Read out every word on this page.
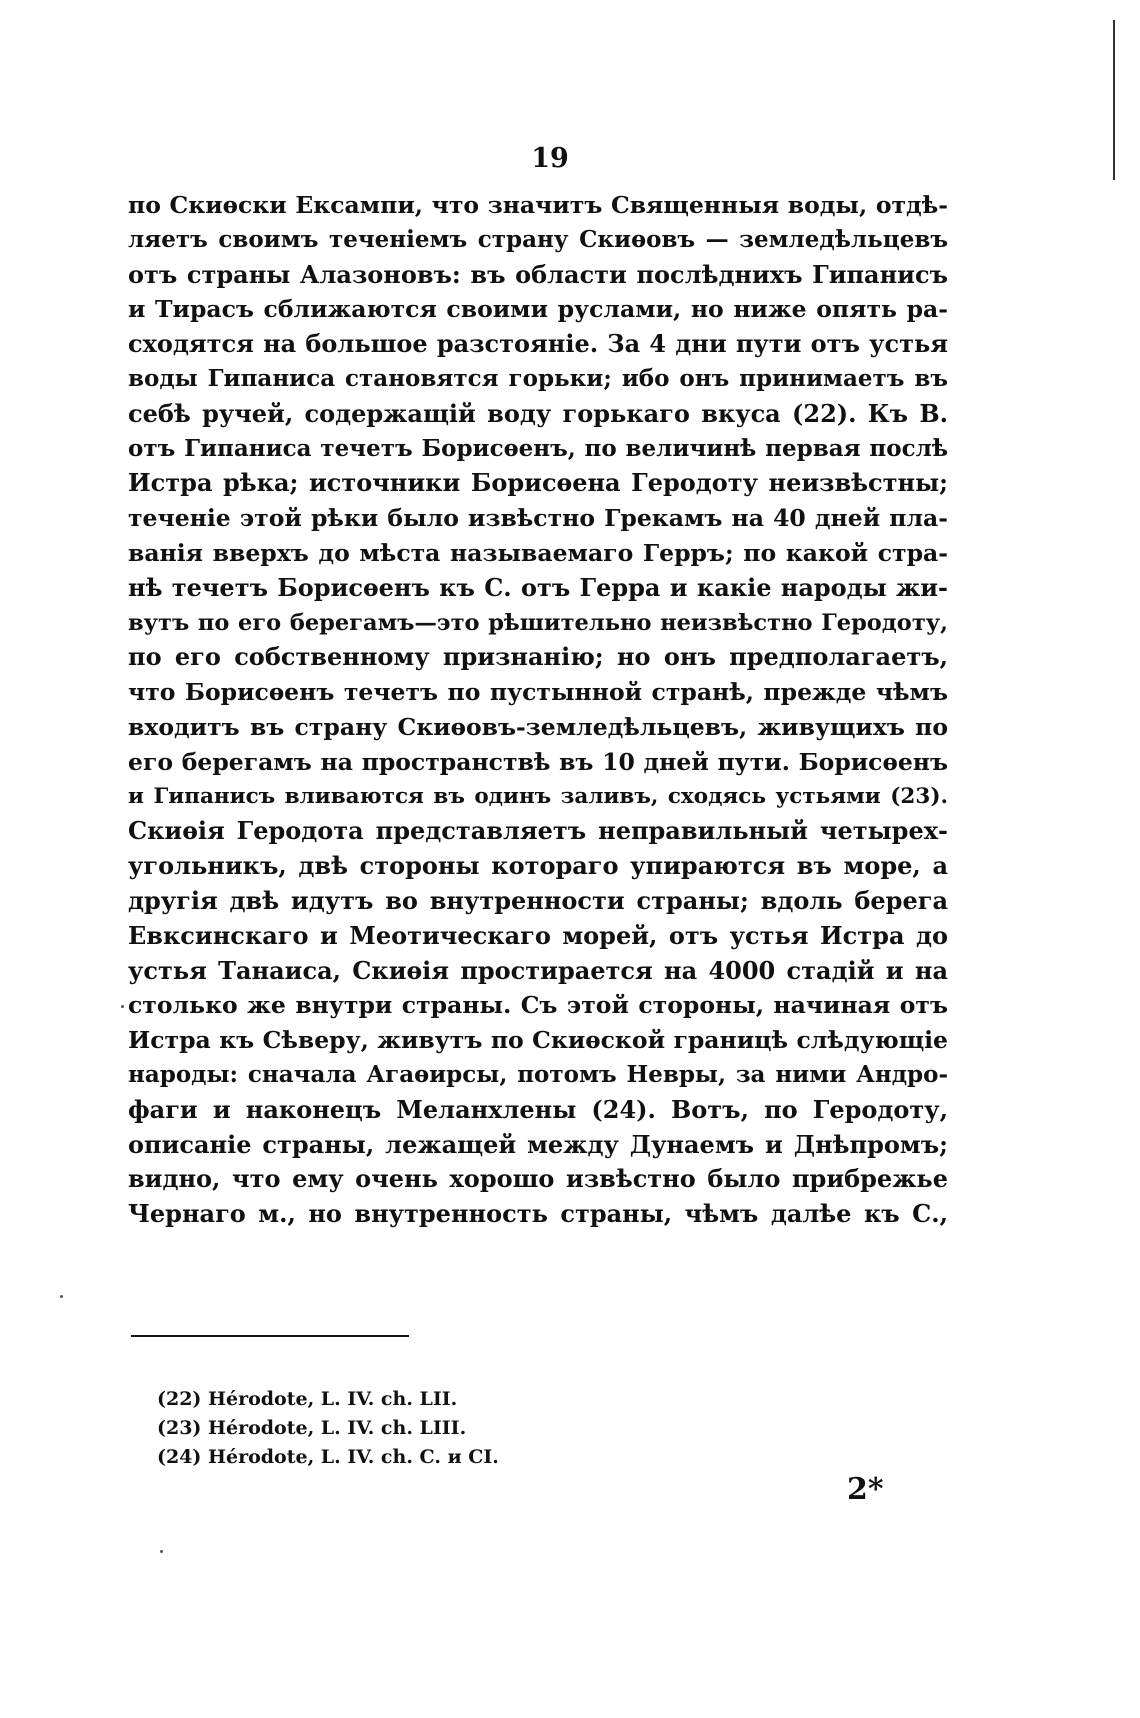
19
по Скиѳски Ексампи, что значитъ Священныя воды, отдѣ-
ляетъ своимъ теченіемъ страну Скиѳовъ — земледѣльцевъ
отъ страны Алазоновъ: въ области послѣднихъ Гипанисъ
и Тирасъ сближаются своими руслами, но ниже опять ра-
сходятся на большое разстояніе. За 4 дни пути отъ устья
воды Гипаниса становятся горьки; ибо онъ принимаетъ въ
себѣ ручей, содержащій воду горькаго вкуса (22). Къ В.
отъ Гипаниса течетъ Борисѳенъ, по величинѣ первая послѣ
Истра рѣка; источники Борисѳена Геродоту неизвѣстны;
теченіе этой рѣки было извѣстно Грекамъ на 40 дней пла-
ванія вверхъ до мѣста называемаго Герръ; по какой стра-
нѣ течетъ Борисѳенъ къ С. отъ Герра и какіе народы жи-
вутъ по его берегамъ—это рѣшительно неизвѣстно Геродоту,
по его собственному признанію; но онъ предполагаетъ,
что Борисѳенъ течетъ по пустынной странѣ, прежде чѣмъ
входитъ въ страну Скиѳовъ-земледѣльцевъ, живущихъ по
его берегамъ на пространствѣ въ 10 дней пути. Борисѳенъ
и Гипанисъ вливаются въ одинъ заливъ, сходясь устьями (23).
Скиѳія Геродота представляетъ неправильный четырех-
угольникъ, двѣ стороны котораго упираются въ море, а
другія двѣ идутъ во внутренности страны; вдоль берега
Евксинскаго и Меотическаго морей, отъ устья Истра до
устья Танаиса, Скиѳія простирается на 4000 стадій и на
столько же внутри страны. Съ этой стороны, начиная отъ
Истра къ Сѣверу, живутъ по Скиѳской границѣ слѣдующіе
народы: сначала Агаѳирсы, потомъ Невры, за ними Андро-
фаги и наконецъ Меланхлены (24). Вотъ, по Геродоту,
описаніе страны, лежащей между Дунаемъ и Днѣпромъ;
видно, что ему очень хорошо извѣстно было прибрежье
Чернаго м., но внутренность страны, чѣмъ далѣе къ С.,
(22) Hérodote, L. IV. ch. LII.
(23) Hérodote, L. IV. ch. LIII.
(24) Hérodote, L. IV. ch. C. и CI.
2*
